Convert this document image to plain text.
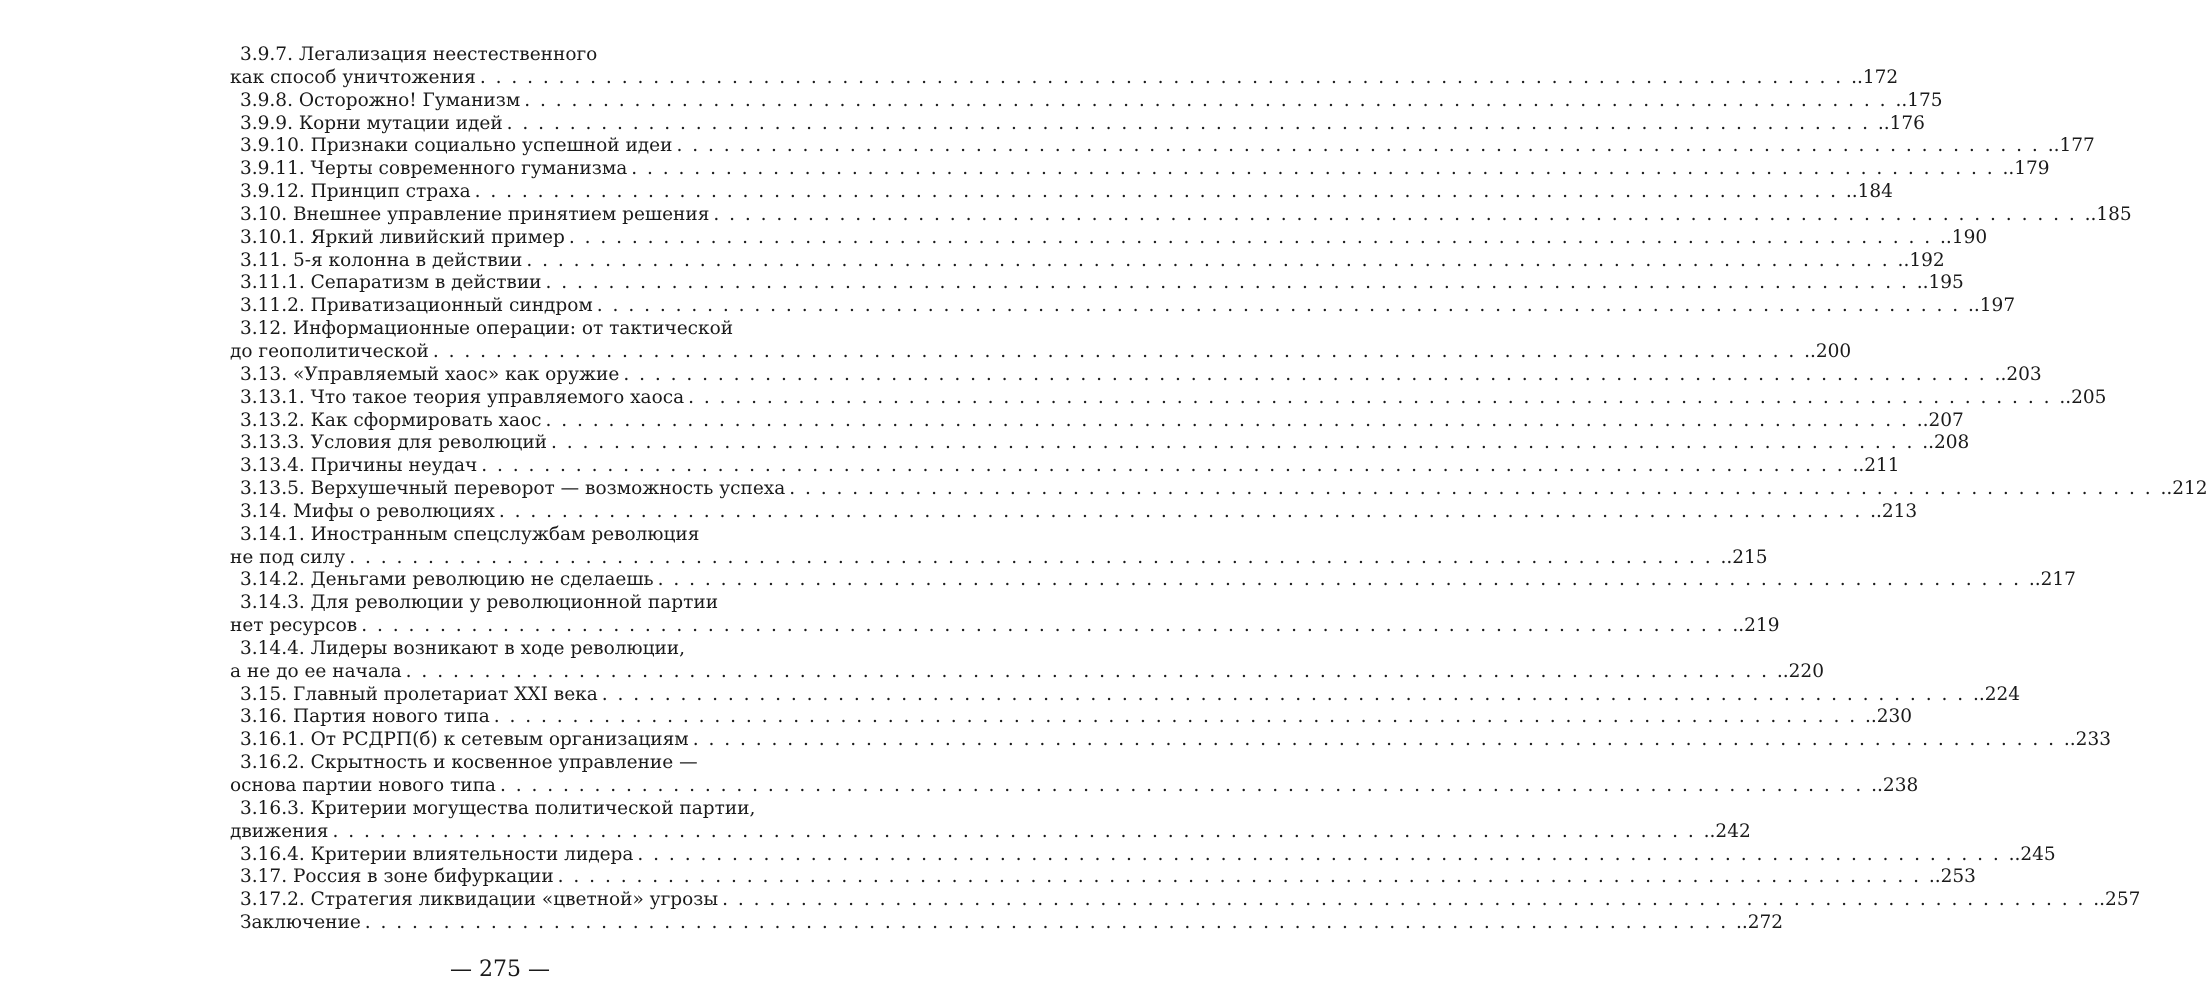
3.9.7. Легализация неестественного
как способ уничтожения . . .	.172
3.9.8. Осторожно! Гуманизм . . .	.175
3.9.9. Корни мутации идей . . .	.176
3.9.10. Признаки социально успешной идеи . . .	.177
3.9.11. Черты современного гуманизма . . .	.179
3.9.12. Принцип страха . . .	.184
3.10. Внешнее управление принятием решения . . .	.185
3.10.1. Яркий ливийский пример . . .	.190
3.11. 5-я колонна в действии . . .	.192
3.11.1. Сепаратизм в действии . . .	.195
3.11.2. Приватизационный синдром . . .	.197
3.12. Информационные операции: от тактической
до геополитической . . .	.200
3.13. «Управляемый хаос» как оружие . . .	.203
3.13.1. Что такое теория управляемого хаоса . . .	.205
3.13.2. Как сформировать хаос . . .	.207
3.13.3. Условия для революций . . .	.208
3.13.4. Причины неудач . . .	.211
3.13.5. Верхушечный переворот — возможность успеха . . .	.212
3.14. Мифы о революциях . . .	.213
3.14.1. Иностранным спецслужбам революция
не под силу . . .	.215
3.14.2. Деньгами революцию не сделаешь . . .	.217
3.14.3. Для революции у революционной партии
нет ресурсов . . .	.219
3.14.4. Лидеры возникают в ходе революции,
а не до ее начала . . .	.220
3.15. Главный пролетариат XXI века . . .	.224
3.16. Партия нового типа . . .	.230
3.16.1. От РСДРП(б) к сетевым организациям . . .	.233
3.16.2. Скрытность и косвенное управление —
основа партии нового типа . . .	.238
3.16.3. Критерии могущества политической партии,
движения . . .	.242
3.16.4. Критерии влиятельности лидера . . .	.245
3.17. Россия в зоне бифуркации . . .	.253
3.17.2. Стратегия ликвидации «цветной» угрозы . . .	.257
Заключение . . .	.272
— 275 —
